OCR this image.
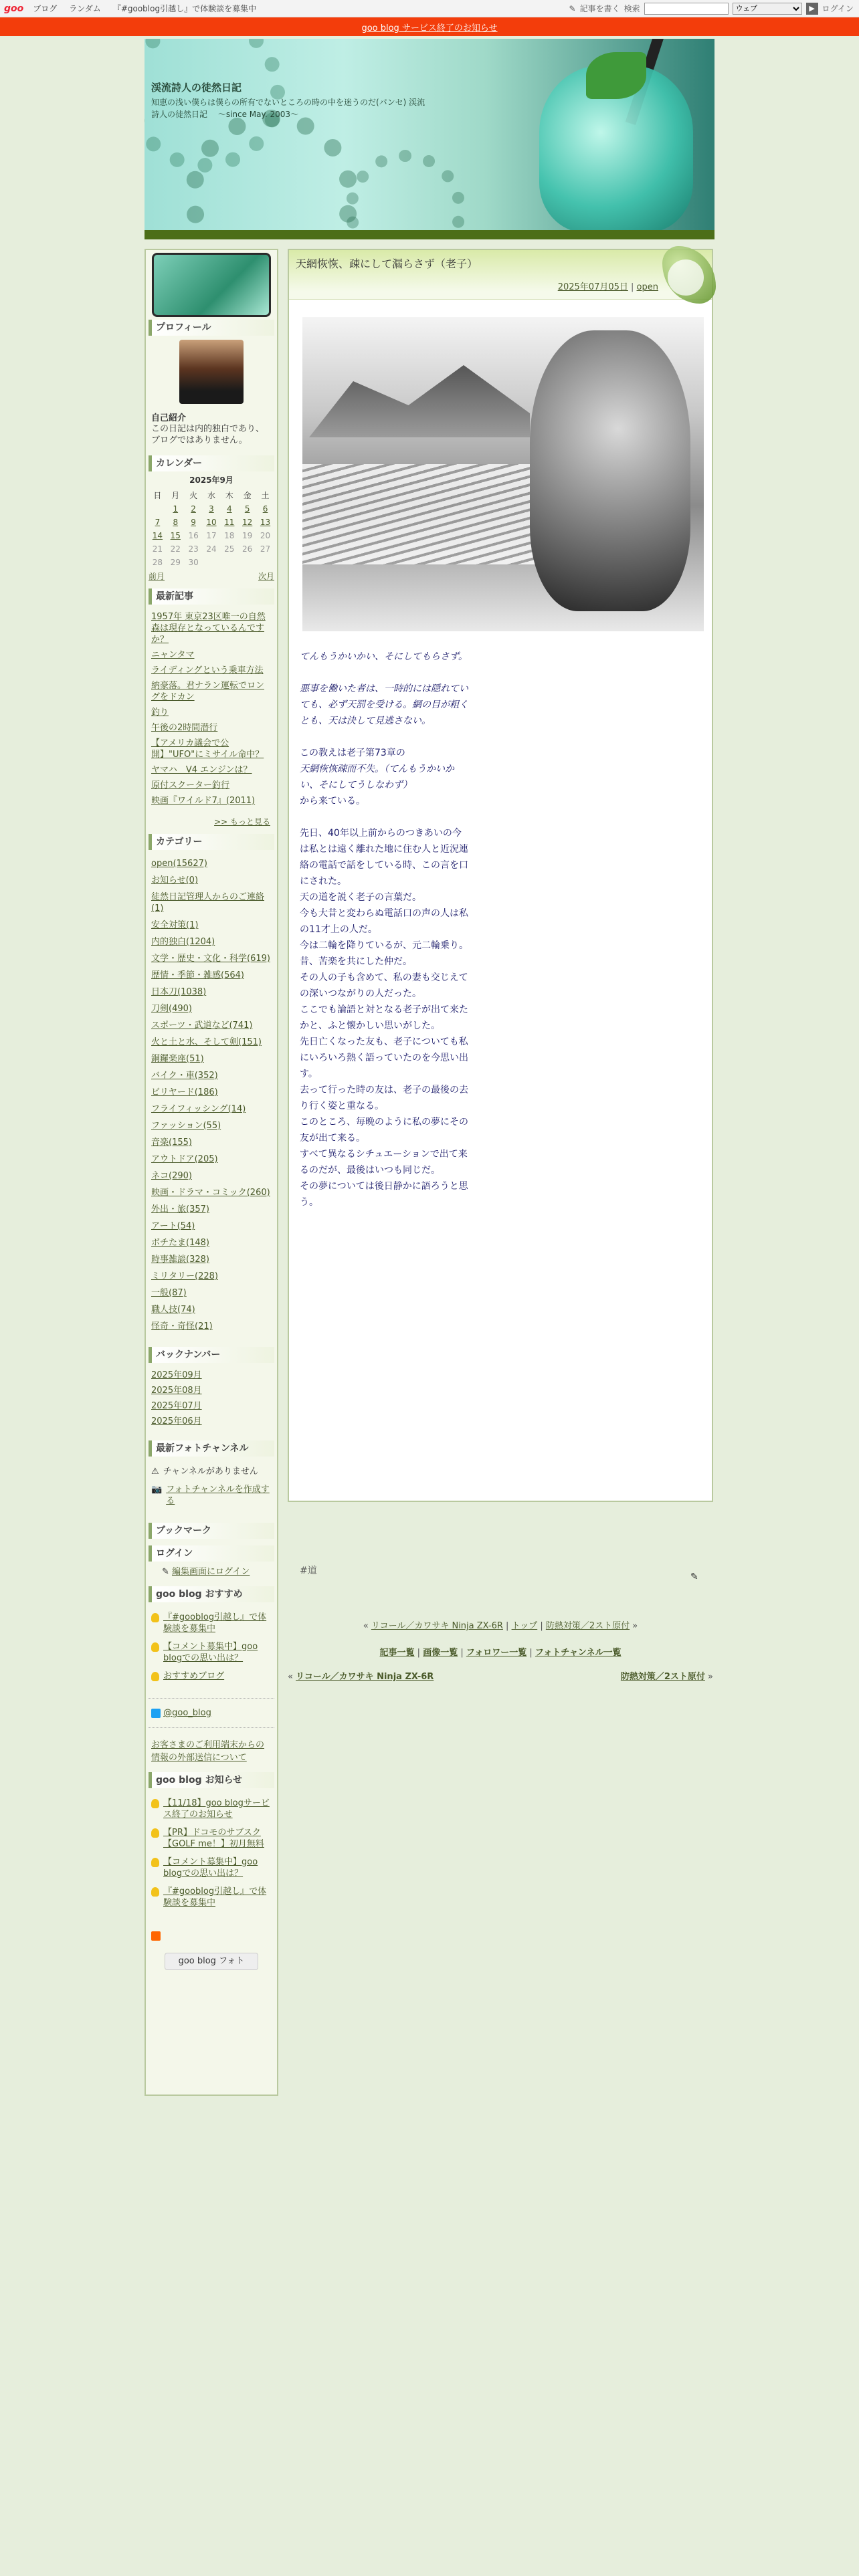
goo ブログ ランダム 『#gooblog引越し』で体験談を募集中	✎ 記事を書く 検索
ウェブ	▶ ログイン
goo blog サービス終了のお知らせ
渓流詩人の徒然日記
知恵の浅い僕らは僕らの所有でないところの時の中を迷うのだ(パンセ) 渓流詩人の徒然日記　 ～since May. 2003～
プロフィール
自己紹介
この日記は内的独白であり、ブログではありません。
カレンダー
2025年9月
日	月	火	水	木	金	土
	1	2	3	4	5	6
7	8	9	10	11	12	13
14	15	16	17	18	19	20
21	22	23	24	25	26	27
28	29	30				
前月	次月
最新記事
1957年 東京23区唯一の自然森は現存となっているんですか？
ニャンタマ
ライディングという乗車方法
納豪落。君ナラン運転でロングをドカン
釣り
午後の2時間潜行
【アメリカ議会で公開】"UFO"にミサイル命中？
ヤマハ　V4 エンジンは？
原付スクーター釣行
映画『ワイルド7』(2011)
>> もっと見る
カテゴリー
open(15627)
お知らせ(0)
徒然日記管理人からのご連絡(1)
安全対策(1)
内的独白(1204)
文学・歴史・文化・科学(619)
歴情・季節・雑感(564)
日本刀(1038)
刀剣(490)
スポーツ・武道など(741)
火と土と水、そして剣(151)
銅鑼楽座(51)
バイク・車(352)
ビリヤード(186)
フライフィッシング(14)
ファッション(55)
音楽(155)
アウトドア(205)
ネコ(290)
映画・ドラマ・コミック(260)
外出・旅(357)
アート(54)
ボチたま(148)
時事雑談(328)
ミリタリー(228)
一般(87)
職人技(74)
怪奇・奇怪(21)
バックナンバー
2025年09月
2025年08月
2025年07月
2025年06月
最新フォトチャンネル
⚠ チャンネルがありません
📷 フォトチャンネルを作成する
ブックマーク
ログイン
✎ 編集画面にログイン
goo blog おすすめ
『#gooblog引越し』で体験談を募集中
【コメント募集中】goo blogでの思い出は？
おすすめブログ
@goo_blog
お客さまのご利用端末からの情報の外部送信について
goo blog お知らせ
【11/18】goo blogサービス終了のお知らせ
【PR】ドコモのサブスク【GOLF me！】初月無料
【コメント募集中】goo blogでの思い出は？
『#gooblog引越し』で体験談を募集中
goo blog フォト
天網恢恢、疎にして漏らさず（老子）
2025年07月05日 | open

てんもうかいかい、そにしてもらさず。

悪事を働いた者は、一時的には隠れていても、必ず天罰を受ける。網の目が粗くとも、天は決して見逃さない。

この教えは老子第73章の

天網恢恢疎而不失。（てんもうかいかい、そにしてうしなわず）

から来ている。

先日、40年以上前からのつきあいの今は私とは遠く離れた地に住む人と近況連絡の電話で話をしている時、この言を口にされた。

天の道を説く老子の言葉だ。

今も大昔と変わらぬ電話口の声の人は私の11才上の人だ。

今は二輪を降りているが、元二輪乗り。

昔、苦楽を共にした仲だ。

その人の子も含めて、私の妻も交じえての深いつながりの人だった。

ここでも論語と対となる老子が出て来たかと、ふと懐かしい思いがした。

先日亡くなった友も、老子についても私にいろいろ熱く語っていたのを今思い出す。

去って行った時の友は、老子の最後の去り行く姿と重なる。

このところ、毎晩のように私の夢にその友が出て来る。

すべて異なるシチュエーションで出て来るのだが、最後はいつも同じだ。

その夢については後日静かに語ろうと思う。

#道
✎
« リコール／カワサキ Ninja ZX-6R | トップ | 防熱対策／2スト原付 »
記事一覧 | 画像一覧 | フォロワー一覧 | フォトチャンネル一覧
« リコール／カワサキ Ninja ZX-6R	防熱対策／2スト原付 »
